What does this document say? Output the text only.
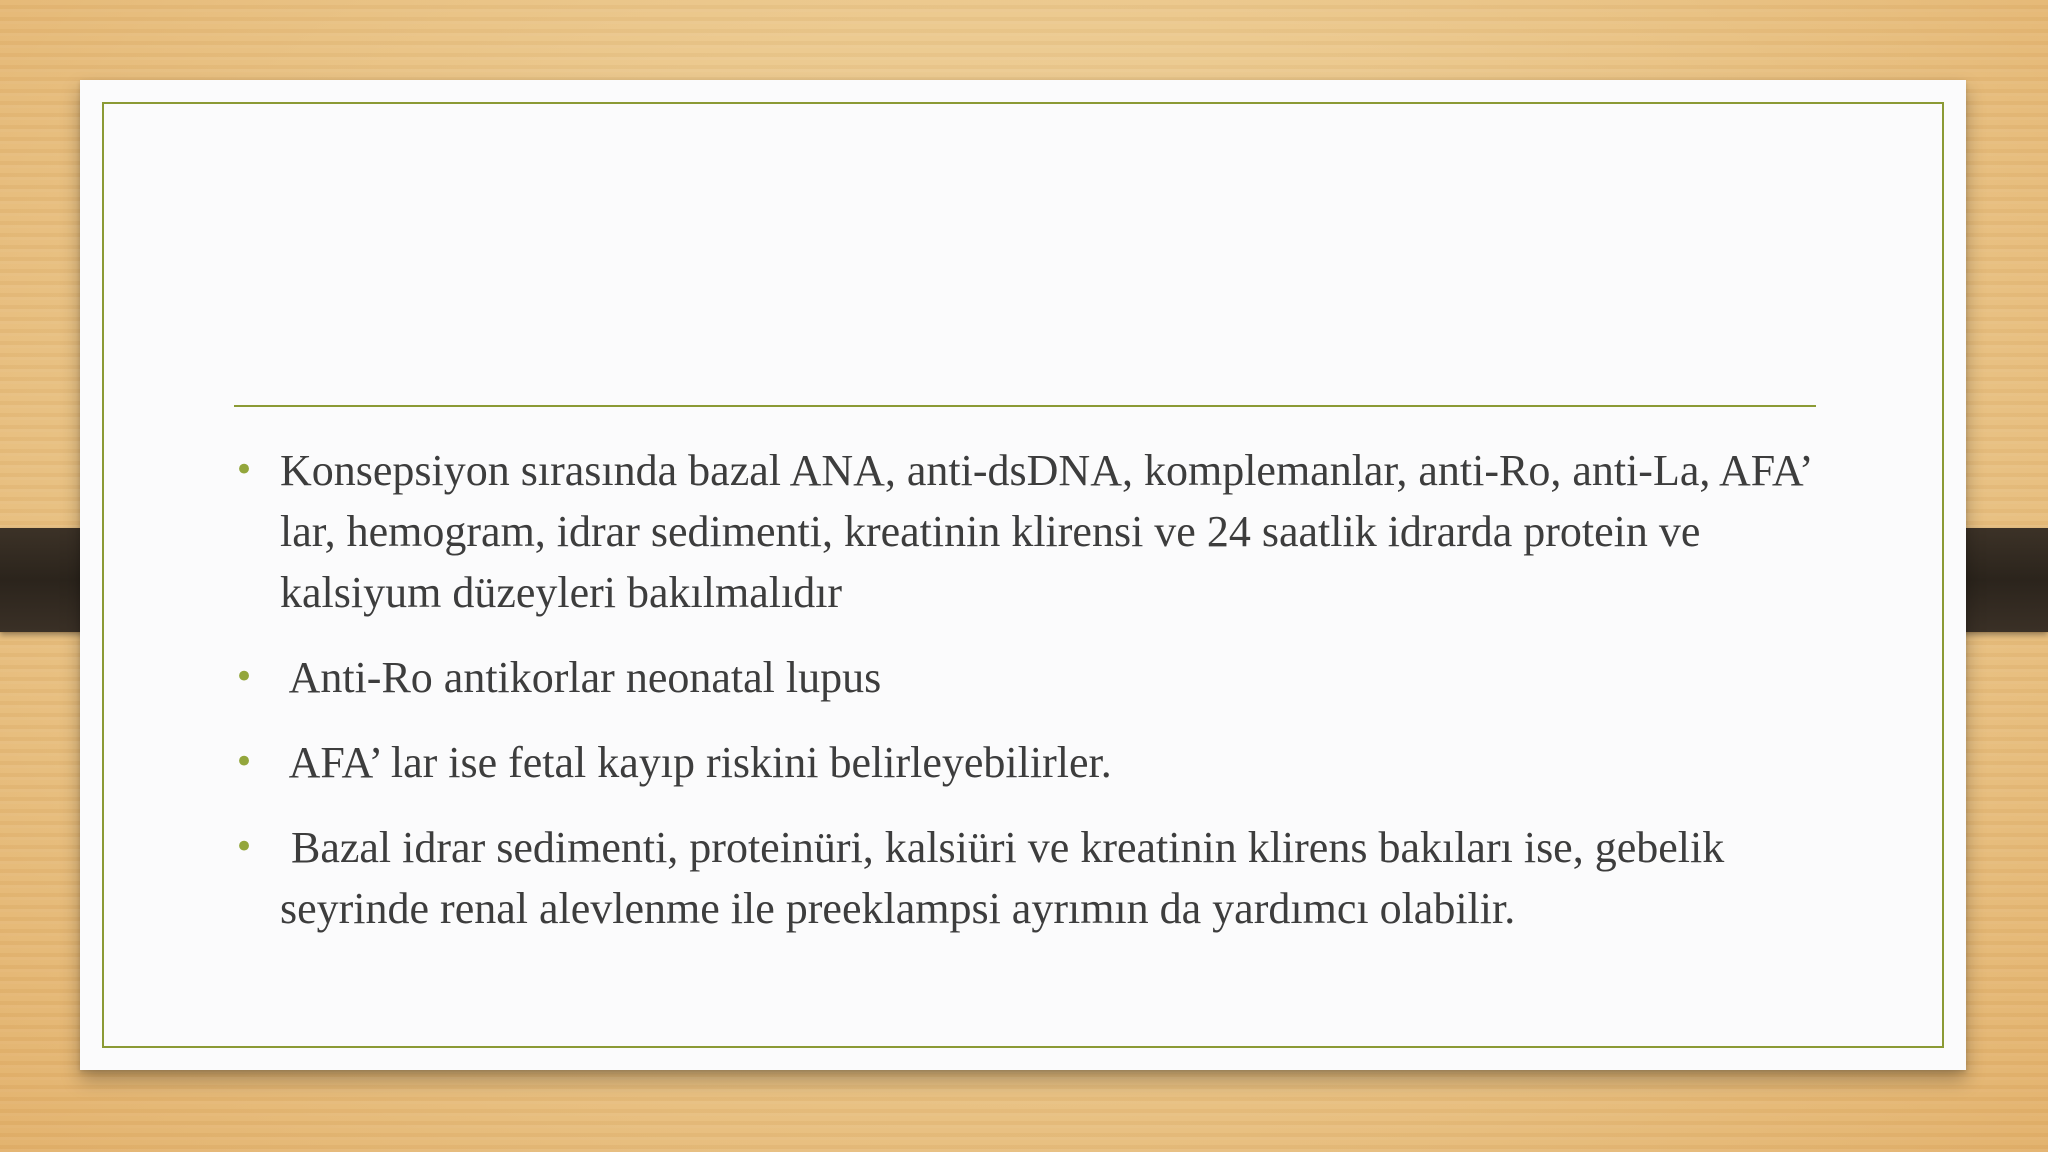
• Konsepsiyon sırasında bazal ANA, anti-dsDNA, komplemanlar, anti-Ro, anti-La, AFA’ lar, hemogram, idrar sedimenti, kreatinin klirensi ve 24 saatlik idrarda protein ve kalsiyum düzeyleri bakılmalıdır
• Anti-Ro antikorlar neonatal lupus
• AFA’ lar ise fetal kayıp riskini belirleyebilirler.
• Bazal idrar sedimenti, proteinüri, kalsiüri ve kreatinin klirens bakıları ise, gebelik seyrinde renal alevlenme ile preeklampsi ayrımın da yardımcı olabilir.
